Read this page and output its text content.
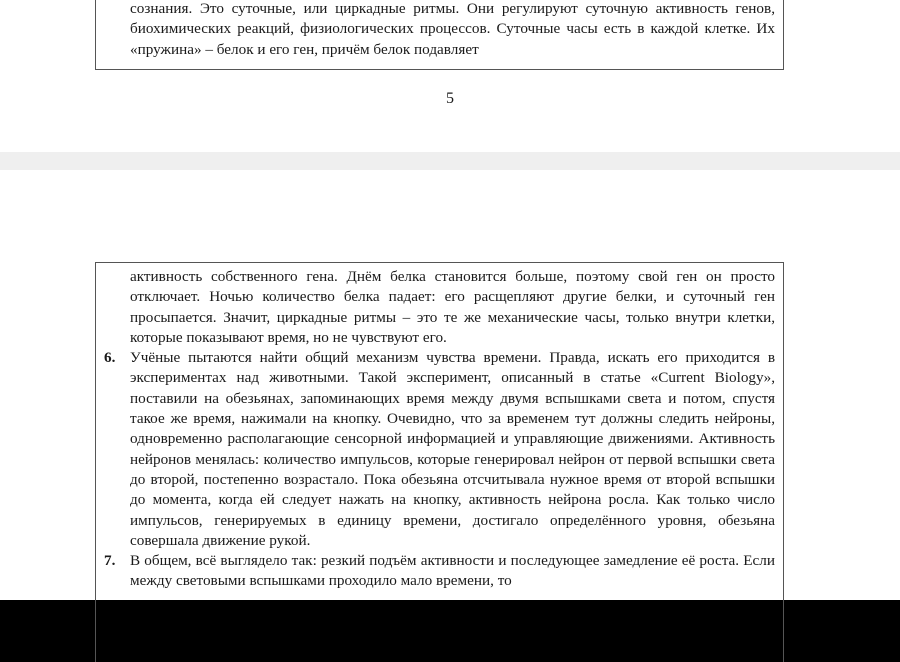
сознания. Это суточные, или циркадные ритмы. Они регулируют суточную активность генов, биохимических реакций, физиологических процессов. Суточные часы есть в каждой клетке. Их «пружина» – белок и его ген, причём белок подавляет

5

активность собственного гена. Днём белка становится больше, поэтому свой ген он просто отключает. Ночью количество белка падает: его расщепляют другие белки, и суточный ген просыпается. Значит, циркадные ритмы – это те же механические часы, только внутри клетки, которые показывают время, но не чувствуют его.

6. Учёные пытаются найти общий механизм чувства времени. Правда, искать его приходится в экспериментах над животными. Такой эксперимент, описанный в статье «Current Biology», поставили на обезьянах, запоминающих время между двумя вспышками света и потом, спустя такое же время, нажимали на кнопку. Очевидно, что за временем тут должны следить нейроны, одновременно располагающие сенсорной информацией и управляющие движениями. Активность нейронов менялась: количество импульсов, которые генерировал нейрон от первой вспышки света до второй, постепенно возрастало. Пока обезьяна отсчитывала нужное время от второй вспышки до момента, когда ей следует нажать на кнопку, активность нейрона росла. Как только число импульсов, генерируемых в единицу времени, достигало определённого уровня, обезьяна совершала движение рукой.

7. В общем, всё выглядело так: резкий подъём активности и последующее замедление её роста. Если между световыми вспышками проходило мало времени, то
